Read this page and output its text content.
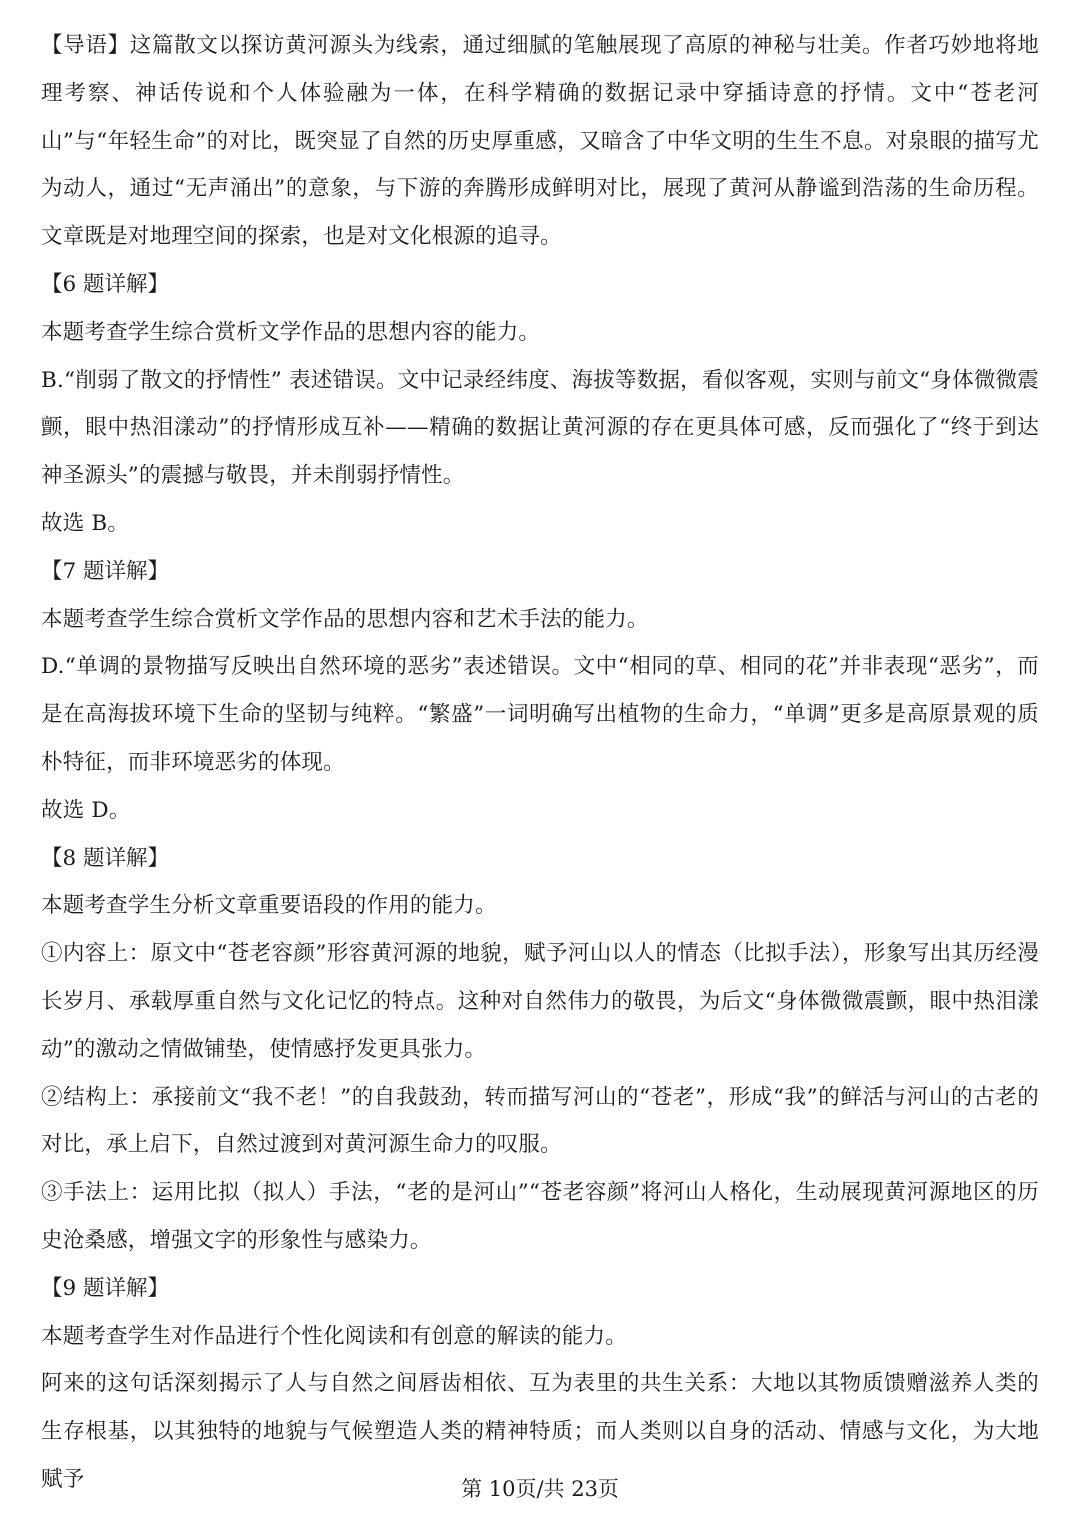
【导语】这篇散文以探访黄河源头为线索，通过细腻的笔触展现了高原的神秘与壮美。作者巧妙地将地理考察、神话传说和个人体验融为一体，在科学精确的数据记录中穿插诗意的抒情。文中“苍老河山”与“年轻生命”的对比，既突显了自然的历史厚重感，又暗含了中华文明的生生不息。对泉眼的描写尤为动人，通过“无声涌出”的意象，与下游的奔腾形成鲜明对比，展现了黄河从静谧到浩荡的生命历程。文章既是对地理空间的探索，也是对文化根源的追寻。

【6 题详解】

本题考查学生综合赏析文学作品的思想内容的能力。

B.“削弱了散文的抒情性” 表述错误。文中记录经纬度、海拔等数据，看似客观，实则与前文“身体微微震颤，眼中热泪漾动”的抒情形成互补——精确的数据让黄河源的存在更具体可感，反而强化了“终于到达神圣源头”的震撼与敬畏，并未削弱抒情性。

故选 B。

【7 题详解】

本题考查学生综合赏析文学作品的思想内容和艺术手法的能力。

D.“单调的景物描写反映出自然环境的恶劣”表述错误。文中“相同的草、相同的花”并非表现“恶劣”，而是在高海拔环境下生命的坚韧与纯粹。“繁盛”一词明确写出植物的生命力，“单调”更多是高原景观的质朴特征，而非环境恶劣的体现。

故选 D。

【8 题详解】

本题考查学生分析文章重要语段的作用的能力。

①内容上：原文中“苍老容颜”形容黄河源的地貌，赋予河山以人的情态（比拟手法），形象写出其历经漫长岁月、承载厚重自然与文化记忆的特点。这种对自然伟力的敬畏，为后文“身体微微震颤，眼中热泪漾动”的激动之情做铺垫，使情感抒发更具张力。

②结构上：承接前文“我不老！”的自我鼓劲，转而描写河山的“苍老”，形成“我”的鲜活与河山的古老的对比，承上启下，自然过渡到对黄河源生命力的叹服。

③手法上：运用比拟（拟人）手法，“老的是河山”“苍老容颜”将河山人格化，生动展现黄河源地区的历史沧桑感，增强文字的形象性与感染力。

【9 题详解】

本题考查学生对作品进行个性化阅读和有创意的解读的能力。

阿来的这句话深刻揭示了人与自然之间唇齿相依、互为表里的共生关系：大地以其物质馈赠滋养人类的生存根基，以其独特的地貌与气候塑造人类的精神特质；而人类则以自身的活动、情感与文化，为大地赋予	第 10页/共 23页
